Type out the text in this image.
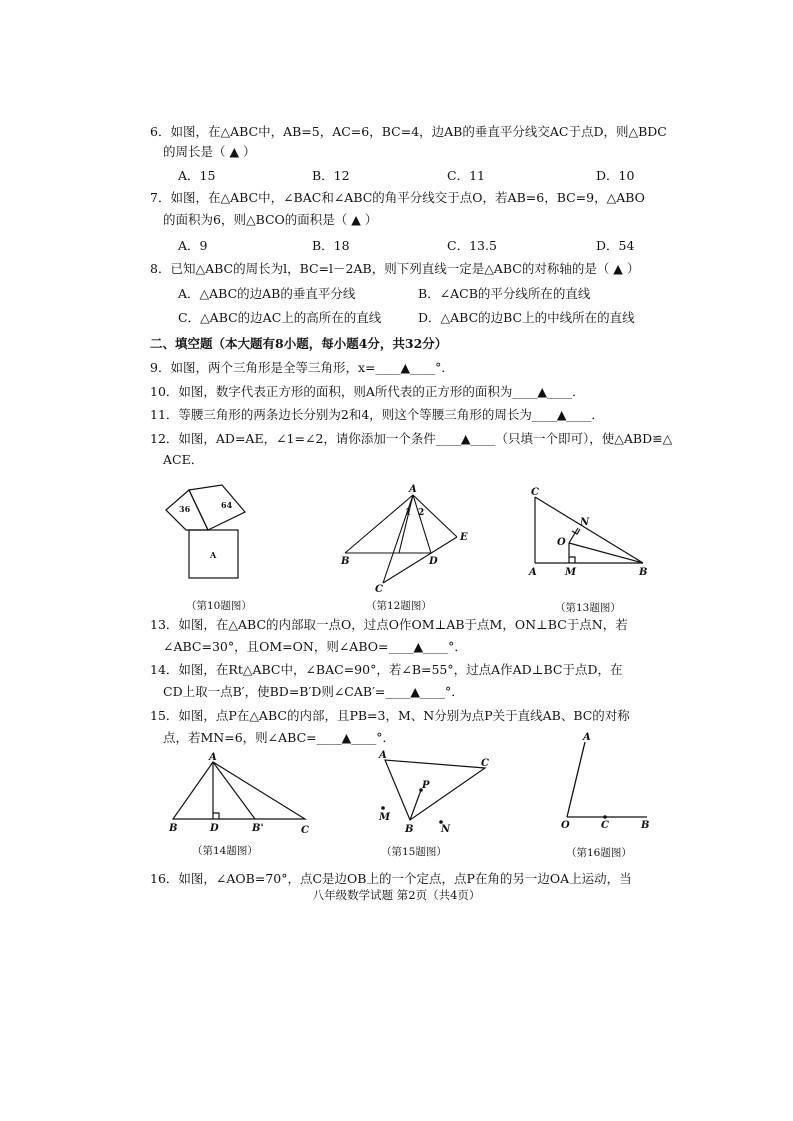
6．如图，在△ABC中，AB=5，AC=6，BC=4，边AB的垂直平分线交AC于点D，则△BDC
的周长是（ ▲ ）
A．15	B．12	C．11	D．10
7．如图，在△ABC中，∠BAC和∠ABC的角平分线交于点O，若AB=6，BC=9，△ABO
的面积为6，则△BCO的面积是（ ▲ ）
A．9	B．18	C．13.5	D．54
8．已知△ABC的周长为l，BC=l－2AB，则下列直线一定是△ABC的对称轴的是（ ▲ ）
A．△ABC的边AB的垂直平分线	B．∠ACB的平分线所在的直线
C．△ABC的边AC上的高所在的直线	D．△ABC的边BC上的中线所在的直线
二、填空题（本大题有8小题，每小题4分，共32分）
9．如图，两个三角形是全等三角形，x=____▲____°．
10．如图，数字代表正方形的面积，则A所代表的正方形的面积为____▲____．
11．等腰三角形的两条边长分别为2和4，则这个等腰三角形的周长为____▲____．
12．如图，AD=AE，∠1=∠2，请你添加一个条件____▲____（只填一个即可），使△ABD≌△
ACE．
36	64
A
（第10题图）
A
1 2
E
B	D
C
（第12题图）
C
N
O
A	M	B
（第13题图）
13．如图，在△ABC的内部取一点O，过点O作OM⊥AB于点M，ON⊥BC于点N，若
∠ABC=30°，且OM=ON，则∠ABO=____▲____°．
14．如图，在Rt△ABC中，∠BAC=90°，若∠B=55°，过点A作AD⊥BC于点D，在
CD上取一点B′，使BD=B′D则∠CAB′=____▲____°．
15．如图，点P在△ABC的内部，且PB=3，M、N分别为点P关于直线AB、BC的对称
点，若MN=6，则∠ABC=____▲____°．
A
B	D	B'	C
（第14题图）
A
C
P
M
B	N
（第15题图）
A
O	C	B
（第16题图）
16．如图，∠AOB=70°，点C是边OB上的一个定点，点P在角的另一边OA上运动，当
八年级数学试题 第2页（共4页）
